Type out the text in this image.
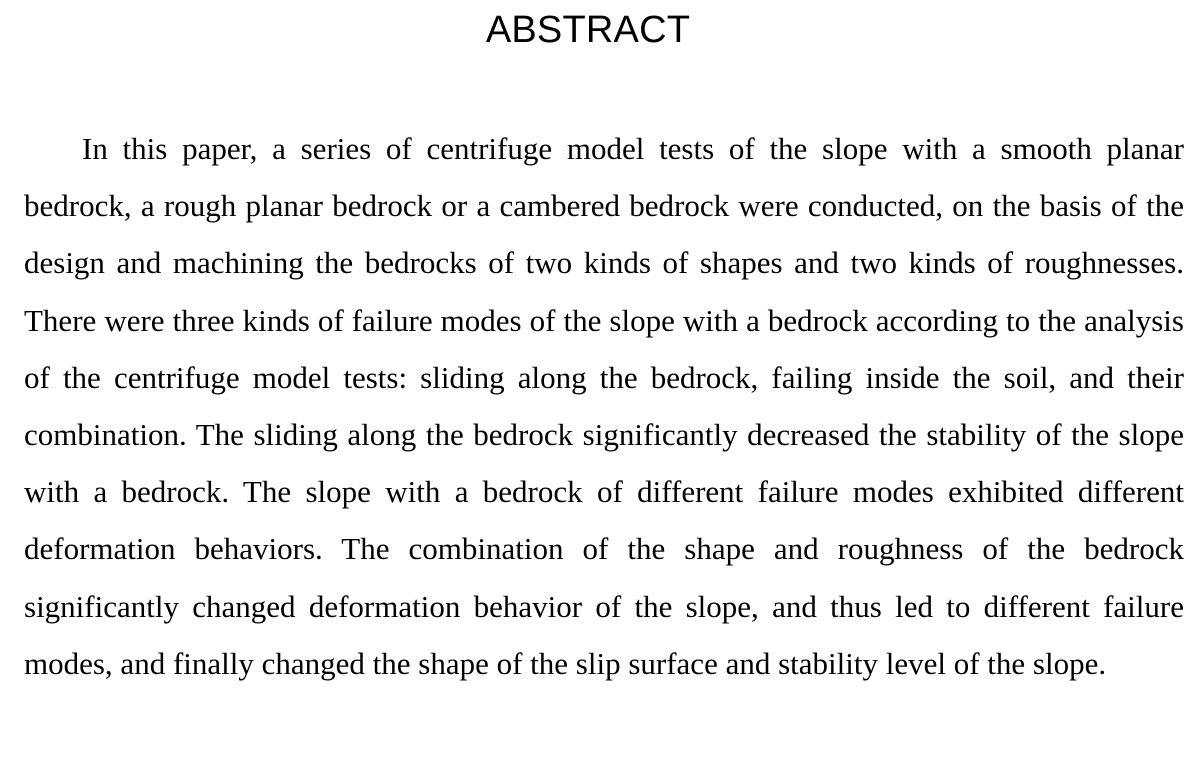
ABSTRACT

In this paper, a series of centrifuge model tests of the slope with a smooth planar bedrock, a rough planar bedrock or a cambered bedrock were conducted, on the basis of the design and machining the bedrocks of two kinds of shapes and two kinds of roughnesses. There were three kinds of failure modes of the slope with a bedrock according to the analysis of the centrifuge model tests: sliding along the bedrock, failing inside the soil, and their combination. The sliding along the bedrock significantly decreased the stability of the slope with a bedrock. The slope with a bedrock of different failure modes exhibited different deformation behaviors. The combination of the shape and roughness of the bedrock significantly changed deformation behavior of the slope, and thus led to different failure modes, and finally changed the shape of the slip surface and stability level of the slope.
